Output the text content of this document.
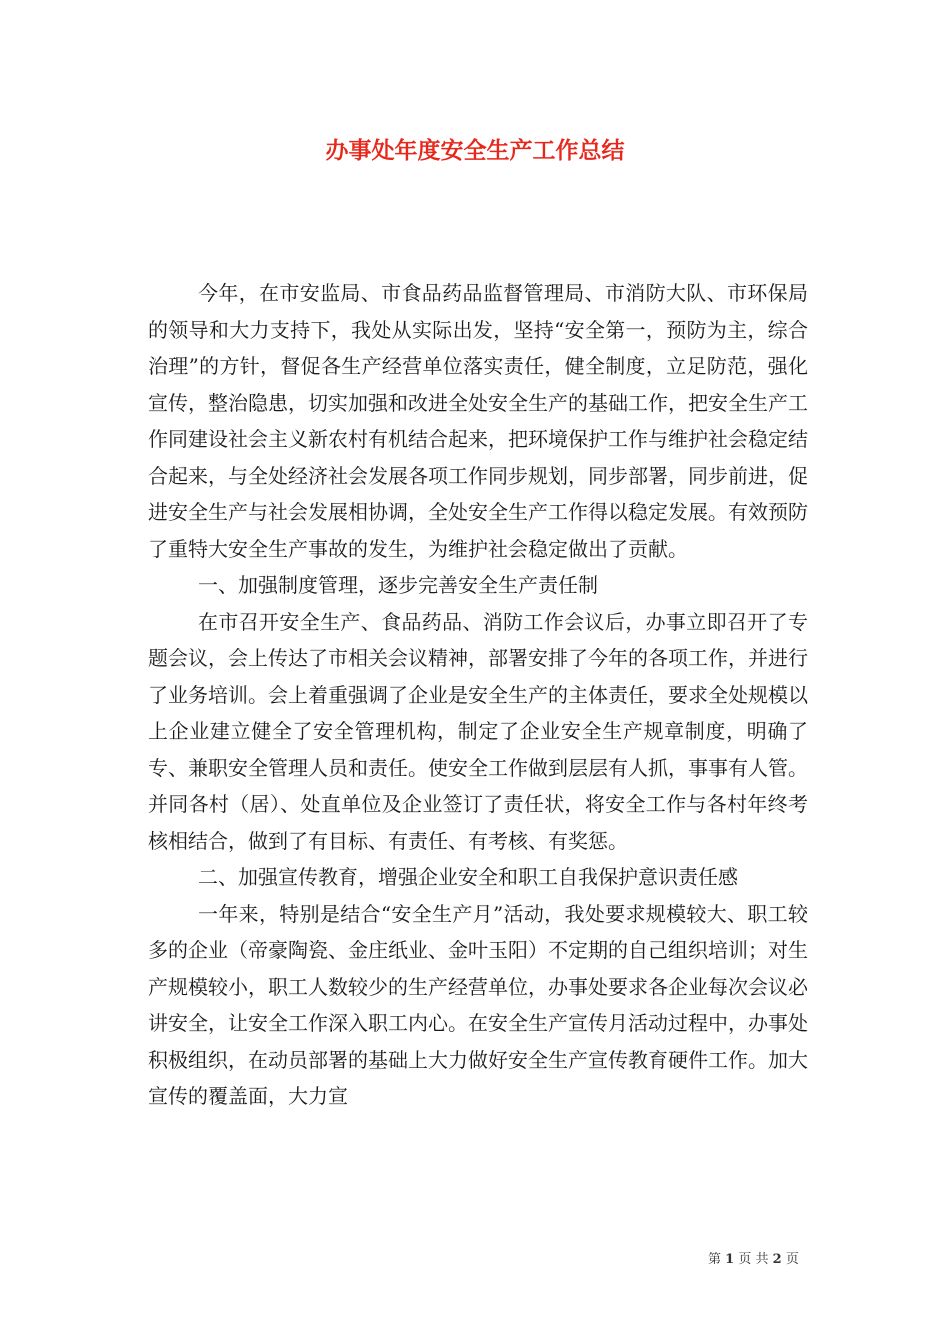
办事处年度安全生产工作总结

今年，在市安监局、市食品药品监督管理局、市消防大队、市环保局的领导和大力支持下，我处从实际出发，坚持“安全第一，预防为主，综合治理”的方针，督促各生产经营单位落实责任，健全制度，立足防范，强化宣传，整治隐患，切实加强和改进全处安全生产的基础工作，把安全生产工作同建设社会主义新农村有机结合起来，把环境保护工作与维护社会稳定结合起来，与全处经济社会发展各项工作同步规划，同步部署，同步前进，促进安全生产与社会发展相协调，全处安全生产工作得以稳定发展。有效预防了重特大安全生产事故的发生，为维护社会稳定做出了贡献。

一、加强制度管理，逐步完善安全生产责任制

在市召开安全生产、食品药品、消防工作会议后，办事立即召开了专题会议，会上传达了市相关会议精神，部署安排了今年的各项工作，并进行了业务培训。会上着重强调了企业是安全生产的主体责任，要求全处规模以上企业建立健全了安全管理机构，制定了企业安全生产规章制度，明确了专、兼职安全管理人员和责任。使安全工作做到层层有人抓，事事有人管。并同各村（居）、处直单位及企业签订了责任状，将安全工作与各村年终考核相结合，做到了有目标、有责任、有考核、有奖惩。

二、加强宣传教育，增强企业安全和职工自我保护意识责任感

一年来，特别是结合“安全生产月”活动，我处要求规模较大、职工较多的企业（帝豪陶瓷、金庄纸业、金叶玉阳）不定期的自己组织培训；对生产规模较小，职工人数较少的生产经营单位，办事处要求各企业每次会议必讲安全，让安全工作深入职工内心。在安全生产宣传月活动过程中，办事处积极组织，在动员部署的基础上大力做好安全生产宣传教育硬件工作。加大宣传的覆盖面，大力宣

第 1 页 共 2 页
